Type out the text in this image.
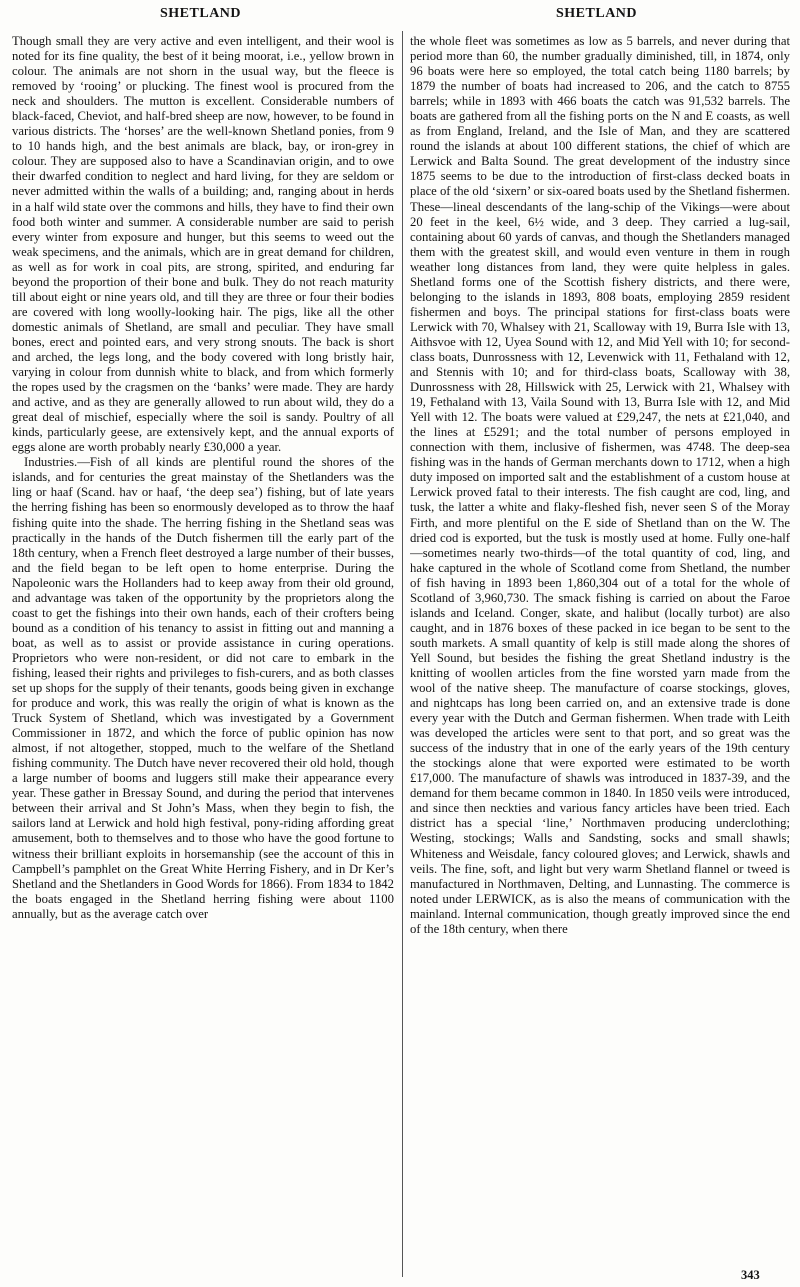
SHETLAND	SHETLAND

Though small they are very active and even intelligent, and their wool is noted for its fine quality, the best of it being moorat, i.e., yellow brown in colour. The animals are not shorn in the usual way, but the fleece is removed by ‘rooing’ or plucking. The finest wool is procured from the neck and shoulders. The mutton is excellent. Considerable numbers of black-faced, Cheviot, and half-bred sheep are now, however, to be found in various districts. The ‘horses’ are the well-known Shetland ponies, from 9 to 10 hands high, and the best animals are black, bay, or iron-grey in colour. They are supposed also to have a Scandinavian origin, and to owe their dwarfed condition to neglect and hard living, for they are seldom or never admitted within the walls of a building; and, ranging about in herds in a half wild state over the commons and hills, they have to find their own food both winter and summer. A considerable number are said to perish every winter from exposure and hunger, but this seems to weed out the weak specimens, and the animals, which are in great demand for children, as well as for work in coal pits, are strong, spirited, and enduring far beyond the proportion of their bone and bulk. They do not reach maturity till about eight or nine years old, and till they are three or four their bodies are covered with long woolly-looking hair. The pigs, like all the other domestic animals of Shetland, are small and peculiar. They have small bones, erect and pointed ears, and very strong snouts. The back is short and arched, the legs long, and the body covered with long bristly hair, varying in colour from dunnish white to black, and from which formerly the ropes used by the cragsmen on the ‘banks’ were made. They are hardy and active, and as they are generally allowed to run about wild, they do a great deal of mischief, especially where the soil is sandy. Poultry of all kinds, particularly geese, are extensively kept, and the annual exports of eggs alone are worth probably nearly £30,000 a year.

Industries.—Fish of all kinds are plentiful round the shores of the islands, and for centuries the great mainstay of the Shetlanders was the ling or haaf (Scand. hav or haaf, ‘the deep sea’) fishing, but of late years the herring fishing has been so enormously developed as to throw the haaf fishing quite into the shade. The herring fishing in the Shetland seas was practically in the hands of the Dutch fishermen till the early part of the 18th century, when a French fleet destroyed a large number of their busses, and the field began to be left open to home enterprise. During the Napoleonic wars the Hollanders had to keep away from their old ground, and advantage was taken of the opportunity by the proprietors along the coast to get the fishings into their own hands, each of their crofters being bound as a condition of his tenancy to assist in fitting out and manning a boat, as well as to assist or provide assistance in curing operations. Proprietors who were non-resident, or did not care to embark in the fishing, leased their rights and privileges to fish-curers, and as both classes set up shops for the supply of their tenants, goods being given in exchange for produce and work, this was really the origin of what is known as the Truck System of Shetland, which was investigated by a Government Commissioner in 1872, and which the force of public opinion has now almost, if not altogether, stopped, much to the welfare of the Shetland fishing community. The Dutch have never recovered their old hold, though a large number of booms and luggers still make their appearance every year. These gather in Bressay Sound, and during the period that intervenes between their arrival and St John’s Mass, when they begin to fish, the sailors land at Lerwick and hold high festival, pony-riding affording great amusement, both to themselves and to those who have the good fortune to witness their brilliant exploits in horsemanship (see the account of this in Campbell’s pamphlet on the Great White Herring Fishery, and in Dr Ker’s Shetland and the Shetlanders in Good Words for 1866). From 1834 to 1842 the boats engaged in the Shetland herring fishing were about 1100 annually, but as the average catch over

the whole fleet was sometimes as low as 5 barrels, and never during that period more than 60, the number gradually diminished, till, in 1874, only 96 boats were here so employed, the total catch being 1180 barrels; by 1879 the number of boats had increased to 206, and the catch to 8755 barrels; while in 1893 with 466 boats the catch was 91,532 barrels. The boats are gathered from all the fishing ports on the N and E coasts, as well as from England, Ireland, and the Isle of Man, and they are scattered round the islands at about 100 different stations, the chief of which are Lerwick and Balta Sound. The great development of the industry since 1875 seems to be due to the introduction of first-class decked boats in place of the old ‘sixern’ or six-oared boats used by the Shetland fishermen. These—lineal descendants of the lang-schip of the Vikings—were about 20 feet in the keel, 6½ wide, and 3 deep. They carried a lug-sail, containing about 60 yards of canvas, and though the Shetlanders managed them with the greatest skill, and would even venture in them in rough weather long distances from land, they were quite helpless in gales. Shetland forms one of the Scottish fishery districts, and there were, belonging to the islands in 1893, 808 boats, employing 2859 resident fishermen and boys. The principal stations for first-class boats were Lerwick with 70, Whalsey with 21, Scalloway with 19, Burra Isle with 13, Aithsvoe with 12, Uyea Sound with 12, and Mid Yell with 10; for second-class boats, Dunrossness with 12, Levenwick with 11, Fethaland with 12, and Stennis with 10; and for third-class boats, Scalloway with 38, Dunrossness with 28, Hillswick with 25, Lerwick with 21, Whalsey with 19, Fethaland with 13, Vaila Sound with 13, Burra Isle with 12, and Mid Yell with 12. The boats were valued at £29,247, the nets at £21,040, and the lines at £5291; and the total number of persons employed in connection with them, inclusive of fishermen, was 4748. The deep-sea fishing was in the hands of German merchants down to 1712, when a high duty imposed on imported salt and the establishment of a custom house at Lerwick proved fatal to their interests. The fish caught are cod, ling, and tusk, the latter a white and flaky-fleshed fish, never seen S of the Moray Firth, and more plentiful on the E side of Shetland than on the W. The dried cod is exported, but the tusk is mostly used at home. Fully one-half—sometimes nearly two-thirds—of the total quantity of cod, ling, and hake captured in the whole of Scotland come from Shetland, the number of fish having in 1893 been 1,860,304 out of a total for the whole of Scotland of 3,960,730. The smack fishing is carried on about the Faroe islands and Iceland. Conger, skate, and halibut (locally turbot) are also caught, and in 1876 boxes of these packed in ice began to be sent to the south markets. A small quantity of kelp is still made along the shores of Yell Sound, but besides the fishing the great Shetland industry is the knitting of woollen articles from the fine worsted yarn made from the wool of the native sheep. The manufacture of coarse stockings, gloves, and nightcaps has long been carried on, and an extensive trade is done every year with the Dutch and German fishermen. When trade with Leith was developed the articles were sent to that port, and so great was the success of the industry that in one of the early years of the 19th century the stockings alone that were exported were estimated to be worth £17,000. The manufacture of shawls was introduced in 1837-39, and the demand for them became common in 1840. In 1850 veils were introduced, and since then neckties and various fancy articles have been tried. Each district has a special ‘line,’ Northmaven producing underclothing; Westing, stockings; Walls and Sandsting, socks and small shawls; Whiteness and Weisdale, fancy coloured gloves; and Lerwick, shawls and veils. The fine, soft, and light but very warm Shetland flannel or tweed is manufactured in Northmaven, Delting, and Lunnasting. The commerce is noted under LERWICK, as is also the means of communication with the mainland. Internal communication, though greatly improved since the end of the 18th century, when there

343
